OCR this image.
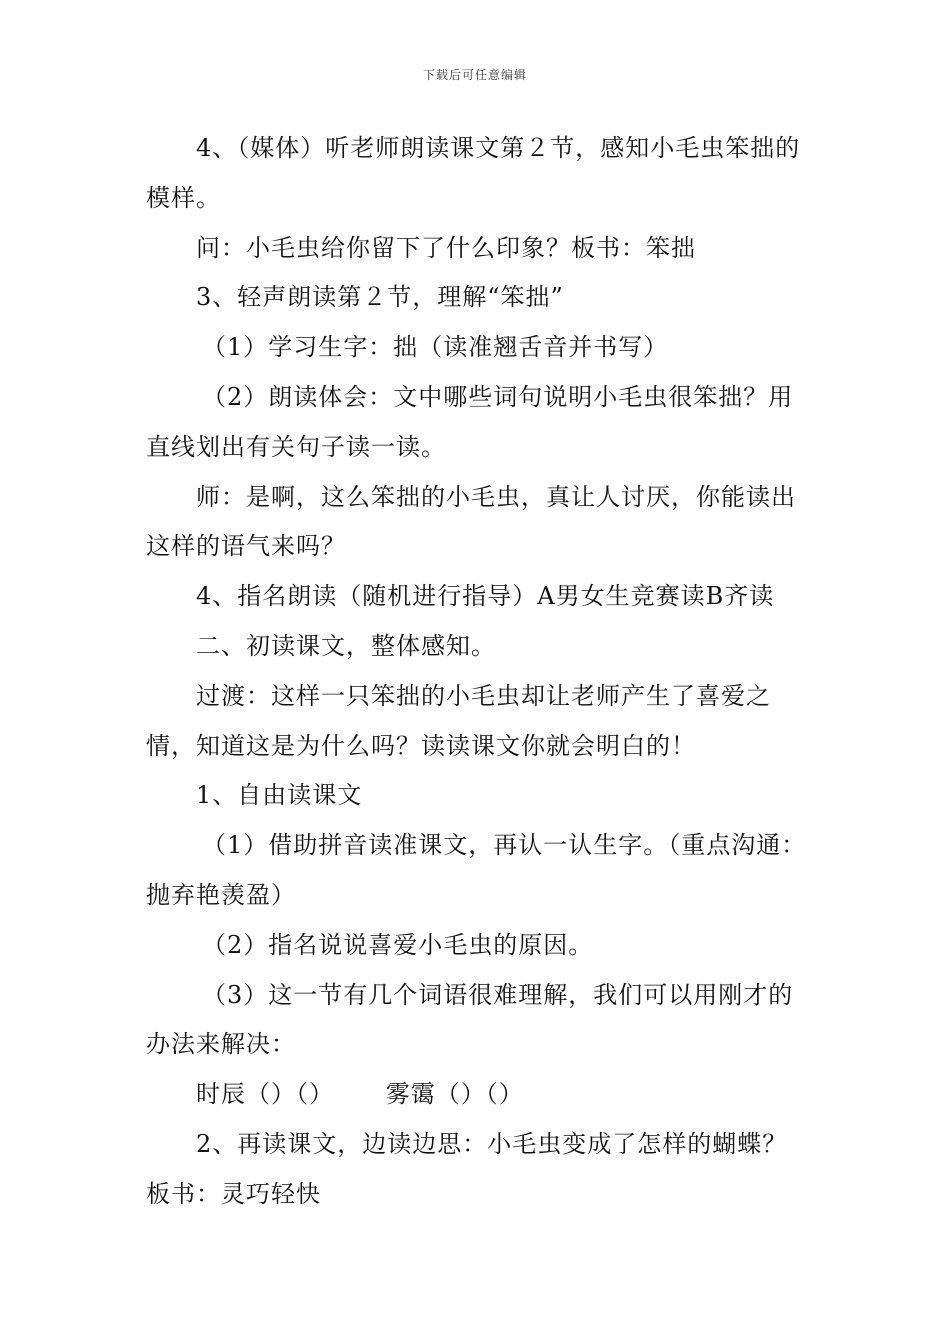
下载后可任意编辑

4、（媒体）听老师朗读课文第２节，感知小毛虫笨拙的模样。

问：小毛虫给你留下了什么印象？板书：笨拙

3、轻声朗读第２节，理解“笨拙”

（1）学习生字：拙（读准翘舌音并书写）

（2）朗读体会：文中哪些词句说明小毛虫很笨拙？用直线划出有关句子读一读。

师：是啊，这么笨拙的小毛虫，真让人讨厌，你能读出这样的语气来吗？

4、指名朗读（随机进行指导）A男女生竞赛读B齐读

二、初读课文，整体感知。

过渡：这样一只笨拙的小毛虫却让老师产生了喜爱之情，知道这是为什么吗？读读课文你就会明白的！

1、自由读课文

（1）借助拼音读准课文，再认一认生字。（重点沟通：抛弃艳羡盈）

（2）指名说说喜爱小毛虫的原因。

（3）这一节有几个词语很难理解，我们可以用刚才的办法来解决：

时辰（）（）      雾霭（）（）

2、再读课文，边读边思：小毛虫变成了怎样的蝴蝶？板书：灵巧轻快
